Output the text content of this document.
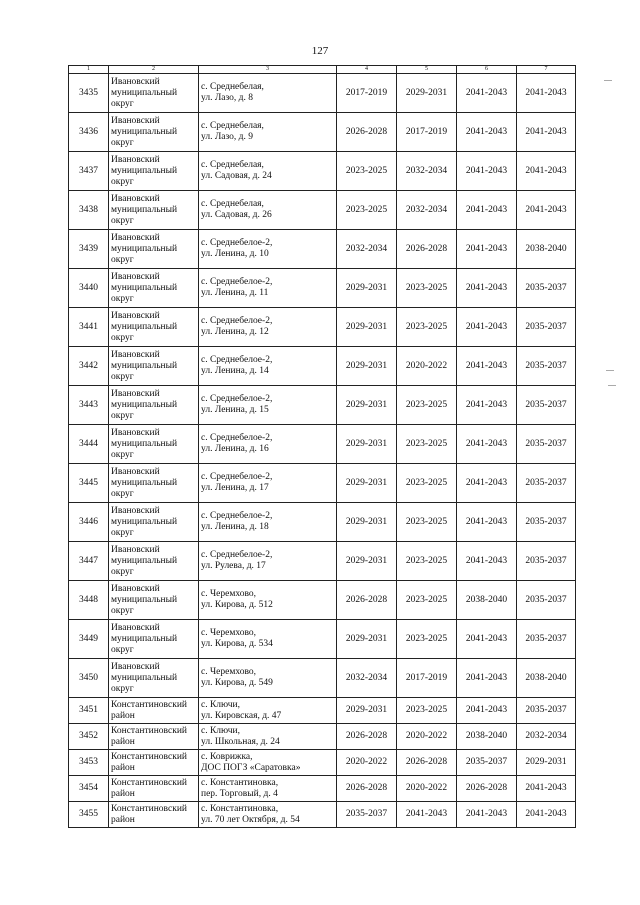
127
1	2	3	4	5	6	7
3435	Ивановский
муниципальный
округ	с. Среднебелая,
ул. Лазо, д. 8	2017-2019	2029-2031	2041-2043	2041-2043
3436	Ивановский
муниципальный
округ	с. Среднебелая,
ул. Лазо, д. 9	2026-2028	2017-2019	2041-2043	2041-2043
3437	Ивановский
муниципальный
округ	с. Среднебелая,
ул. Садовая, д. 24	2023-2025	2032-2034	2041-2043	2041-2043
3438	Ивановский
муниципальный
округ	с. Среднебелая,
ул. Садовая, д. 26	2023-2025	2032-2034	2041-2043	2041-2043
3439	Ивановский
муниципальный
округ	с. Среднебелое-2,
ул. Ленина, д. 10	2032-2034	2026-2028	2041-2043	2038-2040
3440	Ивановский
муниципальный
округ	с. Среднебелое-2,
ул. Ленина, д. 11	2029-2031	2023-2025	2041-2043	2035-2037
3441	Ивановский
муниципальный
округ	с. Среднебелое-2,
ул. Ленина, д. 12	2029-2031	2023-2025	2041-2043	2035-2037
3442	Ивановский
муниципальный
округ	с. Среднебелое-2,
ул. Ленина, д. 14	2029-2031	2020-2022	2041-2043	2035-2037
3443	Ивановский
муниципальный
округ	с. Среднебелое-2,
ул. Ленина, д. 15	2029-2031	2023-2025	2041-2043	2035-2037
3444	Ивановский
муниципальный
округ	с. Среднебелое-2,
ул. Ленина, д. 16	2029-2031	2023-2025	2041-2043	2035-2037
3445	Ивановский
муниципальный
округ	с. Среднебелое-2,
ул. Ленина, д. 17	2029-2031	2023-2025	2041-2043	2035-2037
3446	Ивановский
муниципальный
округ	с. Среднебелое-2,
ул. Ленина, д. 18	2029-2031	2023-2025	2041-2043	2035-2037
3447	Ивановский
муниципальный
округ	с. Среднебелое-2,
ул. Рулева, д. 17	2029-2031	2023-2025	2041-2043	2035-2037
3448	Ивановский
муниципальный
округ	с. Черемхово,
ул. Кирова, д. 512	2026-2028	2023-2025	2038-2040	2035-2037
3449	Ивановский
муниципальный
округ	с. Черемхово,
ул. Кирова, д. 534	2029-2031	2023-2025	2041-2043	2035-2037
3450	Ивановский
муниципальный
округ	с. Черемхово,
ул. Кирова, д. 549	2032-2034	2017-2019	2041-2043	2038-2040
3451	Константиновский
район	с. Ключи,
ул. Кировская, д. 47	2029-2031	2023-2025	2041-2043	2035-2037
3452	Константиновский
район	с. Ключи,
ул. Школьная, д. 24	2026-2028	2020-2022	2038-2040	2032-2034
3453	Константиновский
район	с. Коврижка,
ДОС ПОГЗ «Саратовка»	2020-2022	2026-2028	2035-2037	2029-2031
3454	Константиновский
район	с. Константиновка,
пер. Торговый, д. 4	2026-2028	2020-2022	2026-2028	2041-2043
3455	Константиновский
район	с. Константиновка,
ул. 70 лет Октября, д. 54	2035-2037	2041-2043	2041-2043	2041-2043
